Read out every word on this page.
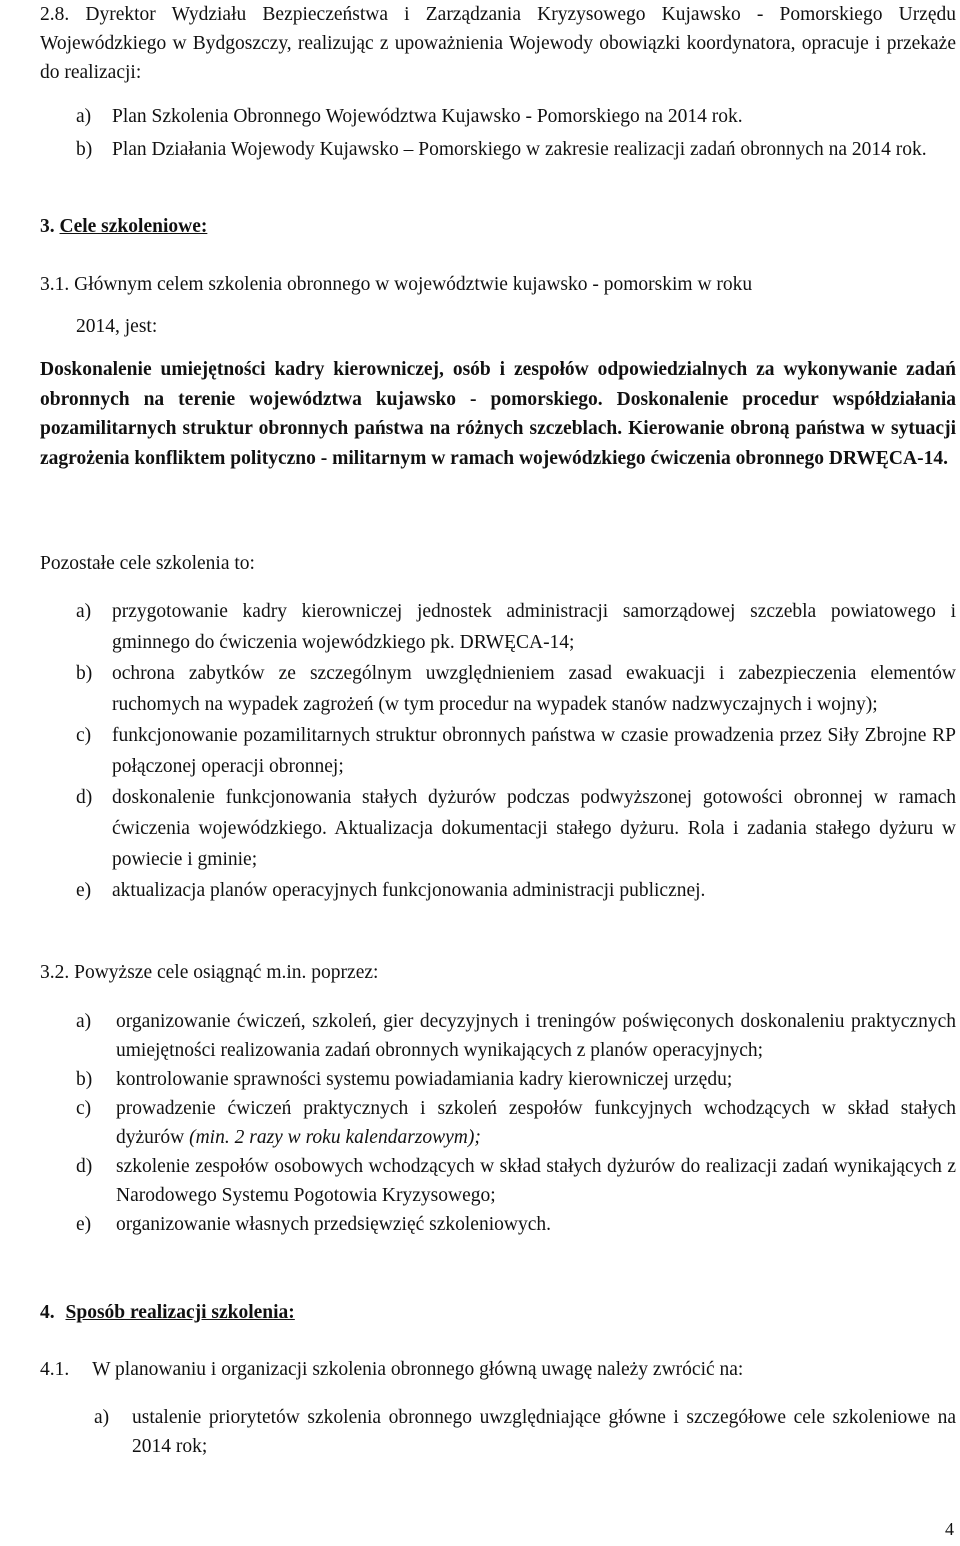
2.8. Dyrektor Wydziału Bezpieczeństwa i Zarządzania Kryzysowego Kujawsko - Pomorskiego Urzędu Wojewódzkiego w Bydgoszczy, realizując z upoważnienia Wojewody obowiązki koordynatora, opracuje i przekaże do realizacji:

a) Plan Szkolenia Obronnego Województwa Kujawsko - Pomorskiego na 2014 rok.
b) Plan Działania Wojewody Kujawsko – Pomorskiego w zakresie realizacji zadań obronnych na 2014 rok.
3. Cele szkoleniowe:

3.1. Głównym celem szkolenia obronnego w województwie kujawsko - pomorskim w roku

2014, jest:

Doskonalenie umiejętności kadry kierowniczej, osób i zespołów odpowiedzialnych za wykonywanie zadań obronnych na terenie województwa kujawsko - pomorskiego. Doskonalenie procedur współdziałania pozamilitarnych struktur obronnych państwa na różnych szczeblach. Kierowanie obroną państwa w sytuacji zagrożenia konfliktem polityczno - militarnym w ramach wojewódzkiego ćwiczenia obronnego DRWĘCA-14.

Pozostałe cele szkolenia to:

a) przygotowanie kadry kierowniczej jednostek administracji samorządowej szczebla powiatowego i gminnego do ćwiczenia wojewódzkiego pk. DRWĘCA-14;
b) ochrona zabytków ze szczególnym uwzględnieniem zasad ewakuacji i zabezpieczenia elementów ruchomych na wypadek zagrożeń (w tym procedur na wypadek stanów nadzwyczajnych i wojny);
c) funkcjonowanie pozamilitarnych struktur obronnych państwa w czasie prowadzenia przez Siły Zbrojne RP połączonej operacji obronnej;
d) doskonalenie funkcjonowania stałych dyżurów podczas podwyższonej gotowości obronnej w ramach ćwiczenia wojewódzkiego. Aktualizacja dokumentacji stałego dyżuru. Rola i zadania stałego dyżuru w powiecie i gminie;
e) aktualizacja planów operacyjnych funkcjonowania administracji publicznej.

3.2. Powyższe cele osiągnąć m.in. poprzez:

a) organizowanie ćwiczeń, szkoleń, gier decyzyjnych i treningów poświęconych doskonaleniu praktycznych umiejętności realizowania zadań obronnych wynikających z planów operacyjnych;
b) kontrolowanie sprawności systemu powiadamiania kadry kierowniczej urzędu;
c) prowadzenie ćwiczeń praktycznych i szkoleń zespołów funkcyjnych wchodzących w skład stałych dyżurów (min. 2 razy w roku kalendarzowym);
d) szkolenie zespołów osobowych wchodzących w skład stałych dyżurów do realizacji zadań wynikających z Narodowego Systemu Pogotowia Kryzysowego;
e) organizowanie własnych przedsięwzięć szkoleniowych.
4. Sposób realizacji szkolenia:
4.1. W planowaniu i organizacji szkolenia obronnego główną uwagę należy zwrócić na:
a) ustalenie priorytetów szkolenia obronnego uwzględniające główne i szczegółowe cele szkoleniowe na 2014 rok;
4
